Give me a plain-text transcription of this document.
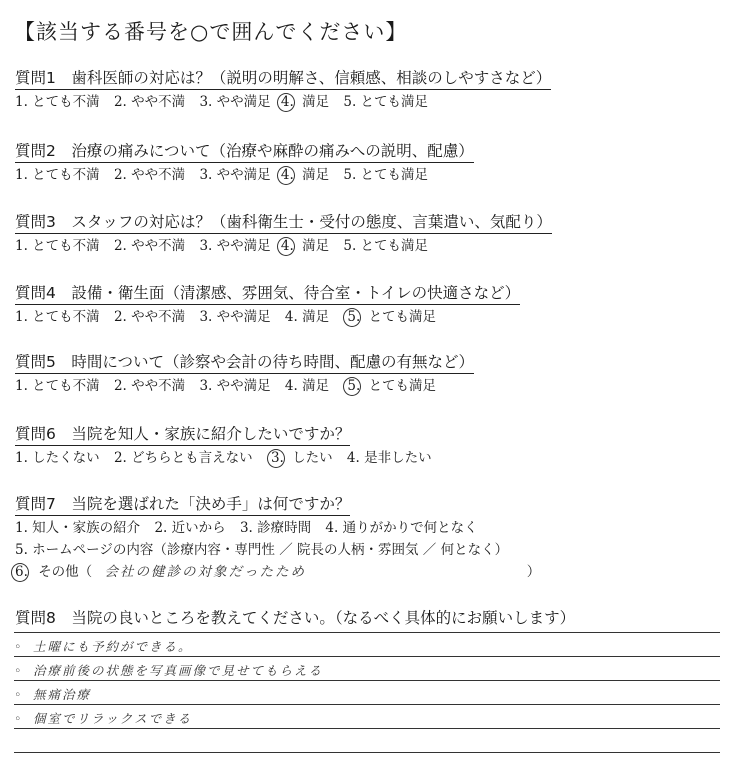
【該当する番号を○で囲んでください】
質問1　歯科医師の対応は？（説明の明解さ、信頼感、相談のしやすさなど）
1. とても不満 2. やや不満 3. やや満足 4. 満足 5. とても満足
質問2　治療の痛みについて（治療や麻酔の痛みへの説明、配慮）
1. とても不満 2. やや不満 3. やや満足 4. 満足 5. とても満足
質問3　スタッフの対応は？（歯科衛生士・受付の態度、言葉遣い、気配り）
1. とても不満 2. やや不満 3. やや満足 4. 満足 5. とても満足
質問4　設備・衛生面（清潔感、雰囲気、待合室・トイレの快適さなど）
1. とても不満 2. やや不満 3. やや満足 4. 満足 5. とても満足
質問5　時間について（診察や会計の待ち時間、配慮の有無など）
1. とても不満 2. やや不満 3. やや満足 4. 満足 5. とても満足
質問6　当院を知人・家族に紹介したいですか？
1. したくない 2. どちらとも言えない 3. したい 4. 是非したい
質問7　当院を選ばれた「決め手」は何ですか？
1. 知人・家族の紹介 2. 近いから 3. 診療時間 4. 通りがかりで何となく
5. ホームページの内容（診療内容・専門性 ／ 院長の人柄・雰囲気 ／ 何となく）
6. その他（ 会社の健診の対象だったため	）
質問8　当院の良いところを教えてください。（なるべく具体的にお願いします）
◦ 土曜にも予約ができる。
◦ 治療前後の状態を写真画像で見せてもらえる
◦ 無痛治療
◦ 個室でリラックスできる
